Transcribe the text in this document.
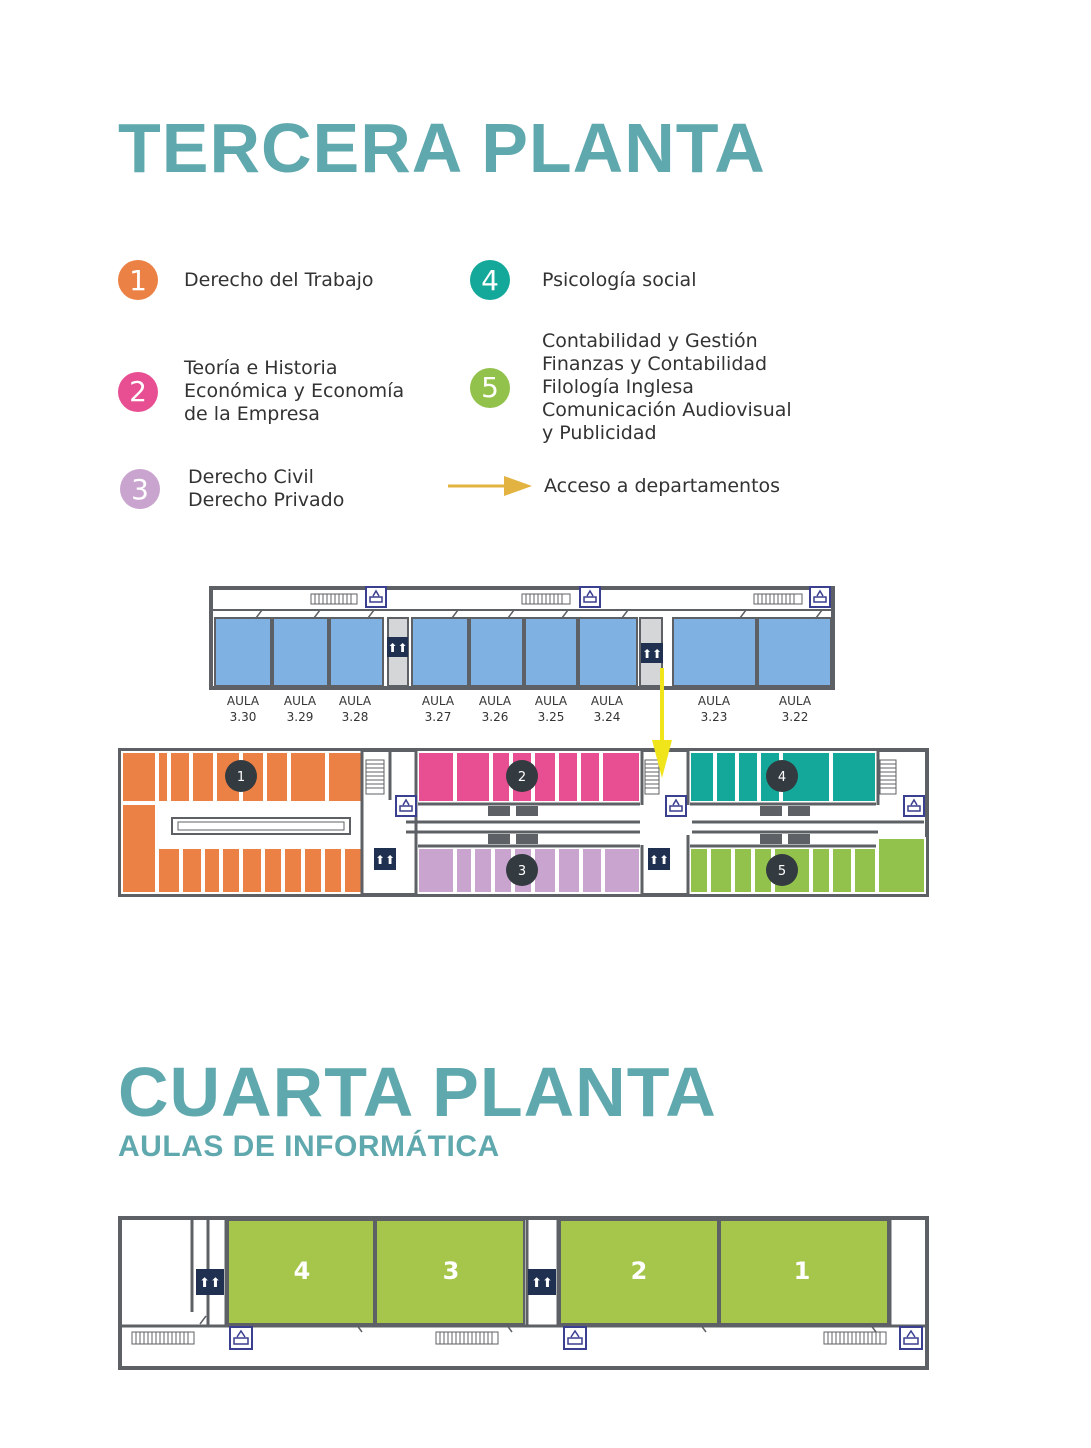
TERCERA PLANTA
1	Derecho del Trabajo
2
Teoría e Historia
Económica y Economía
de la Empresa
3	Derecho Civil
Derecho Privado
4	Psicología social
5
Contabilidad y Gestión
Finanzas y Contabilidad
Filología Inglesa
Comunicación Audiovisual
y Publicidad
Acceso a departamentos
⬆⬆	⬆⬆
AULA
3.30
AULA
3.29
AULA
3.28
AULA
3.27
AULA
3.26
AULA
3.25
AULA
3.24
AULA
3.23
AULA
3.22
⬆⬆	⬆⬆
1	2
3
4
5
CUARTA PLANTA
AULAS DE INFORMÁTICA
4	3	2	1
⬆⬆	⬆⬆
